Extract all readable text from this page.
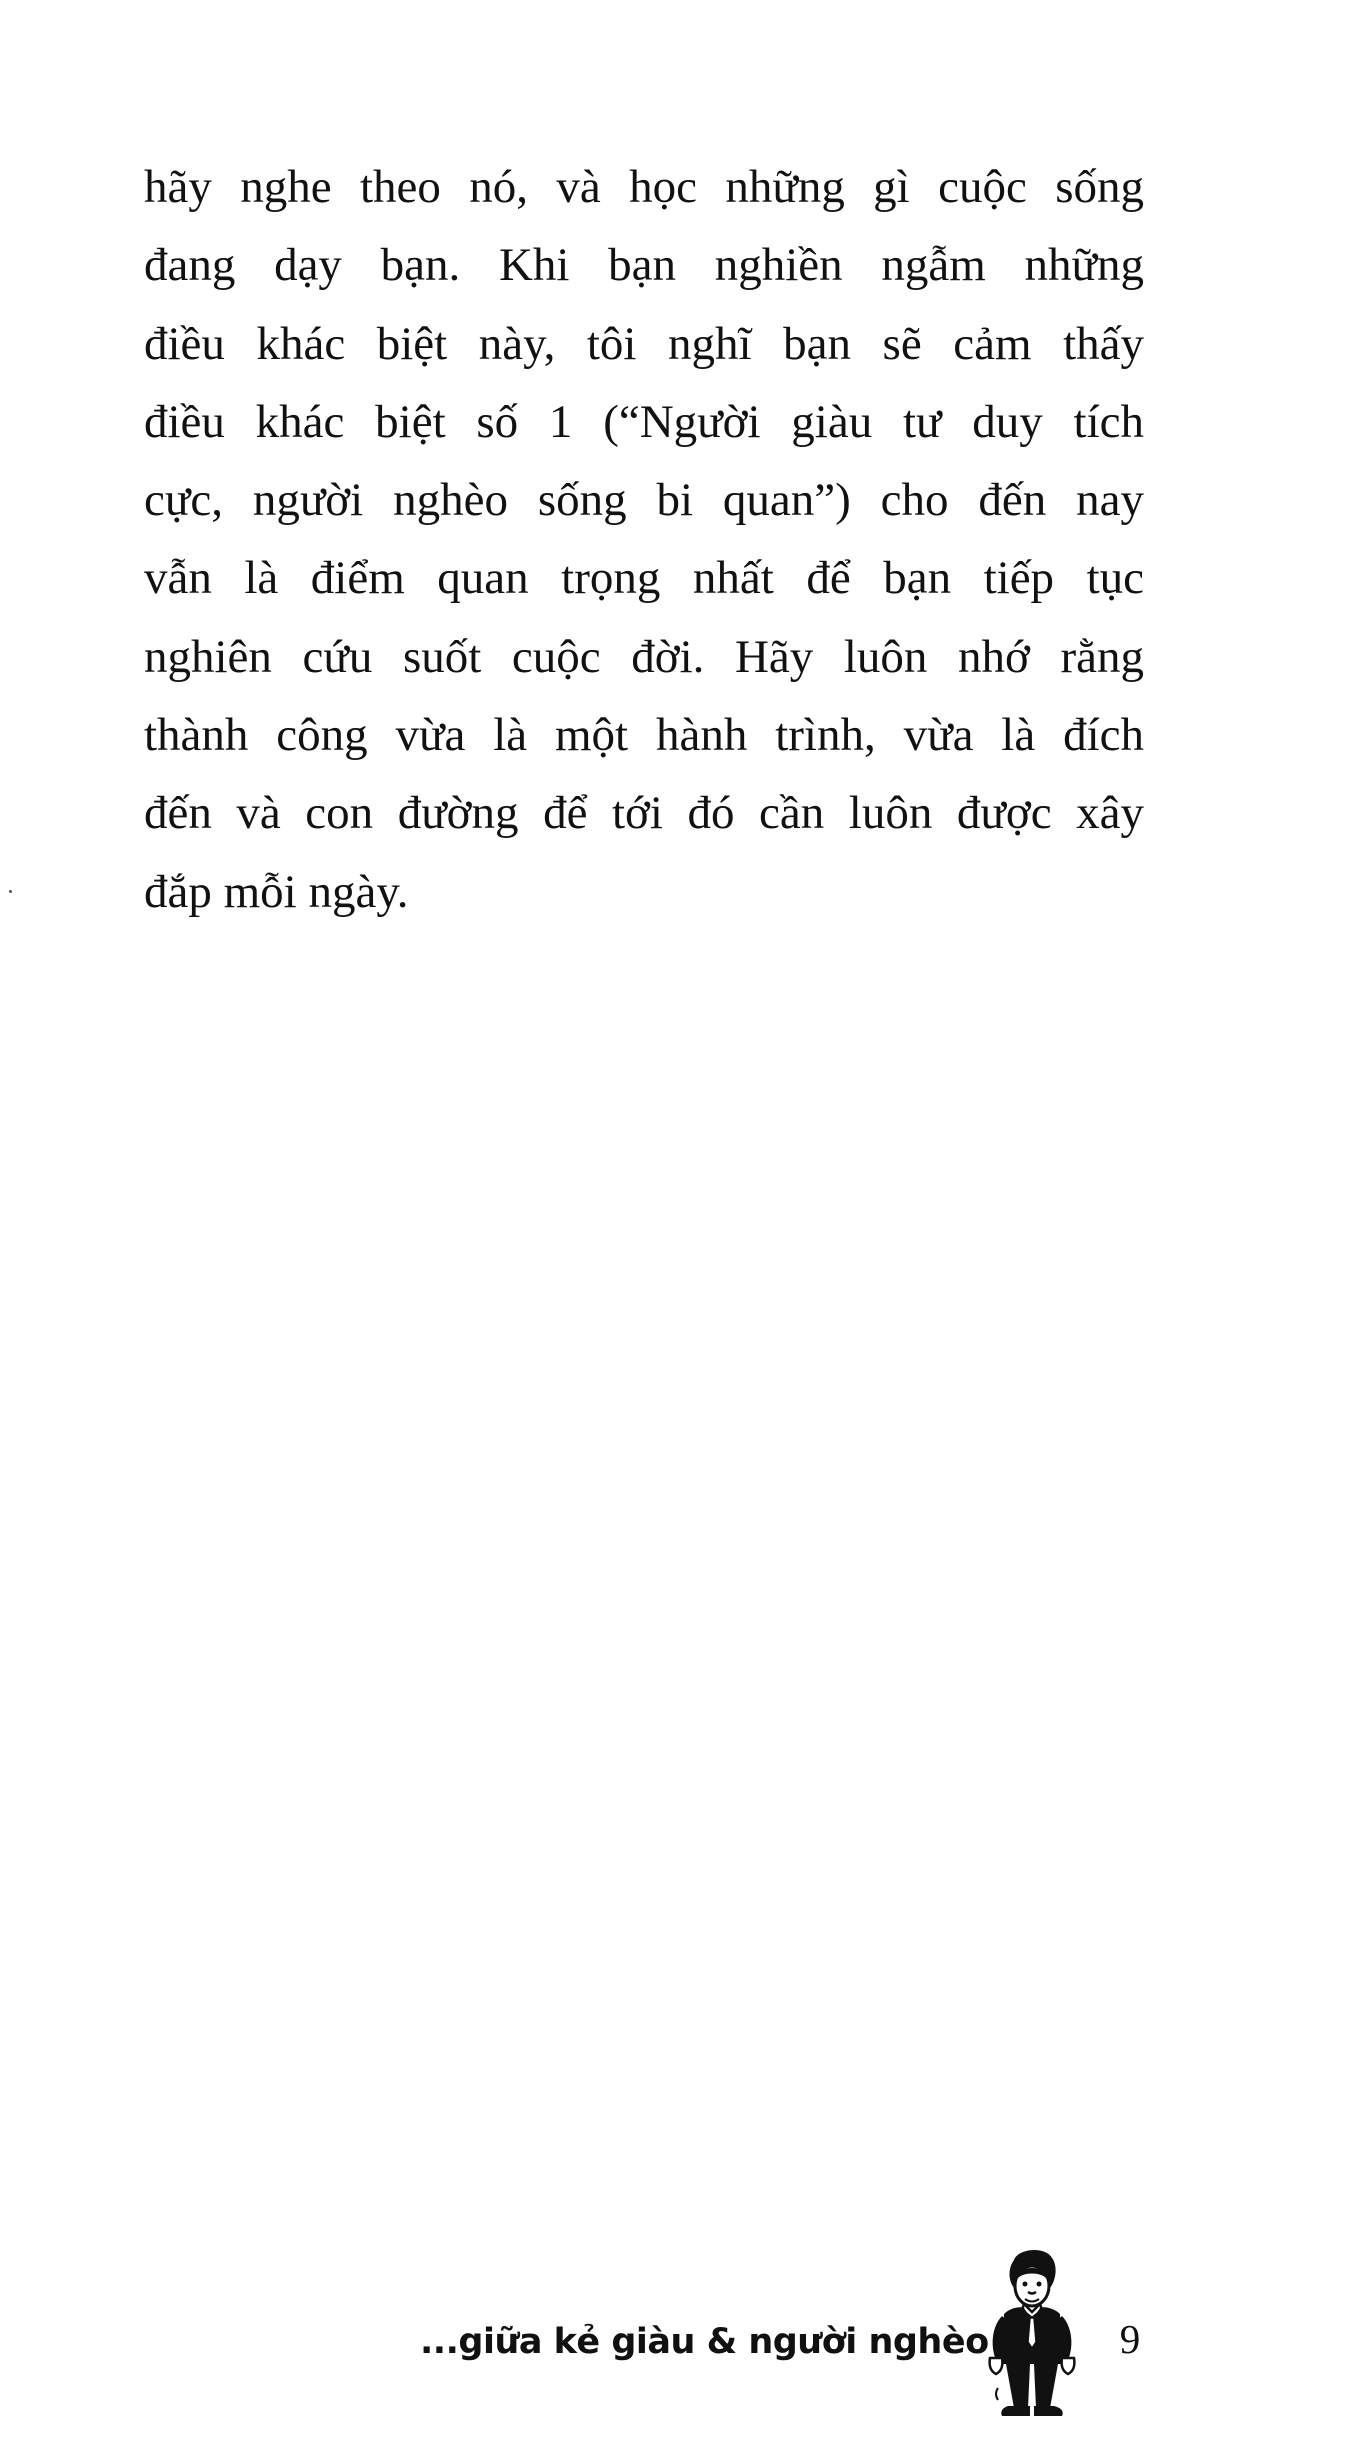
hãy nghe theo nó, và học những gì cuộc sống
đang dạy bạn. Khi bạn nghiền ngẫm những
điều khác biệt này, tôi nghĩ bạn sẽ cảm thấy
điều khác biệt số 1 (“Người giàu tư duy tích
cực, người nghèo sống bi quan”) cho đến nay
vẫn là điểm quan trọng nhất để bạn tiếp tục
nghiên cứu suốt cuộc đời. Hãy luôn nhớ rằng
thành công vừa là một hành trình, vừa là đích
đến và con đường để tới đó cần luôn được xây
đắp mỗi ngày.

...giữa kẻ giàu & người nghèo	9
